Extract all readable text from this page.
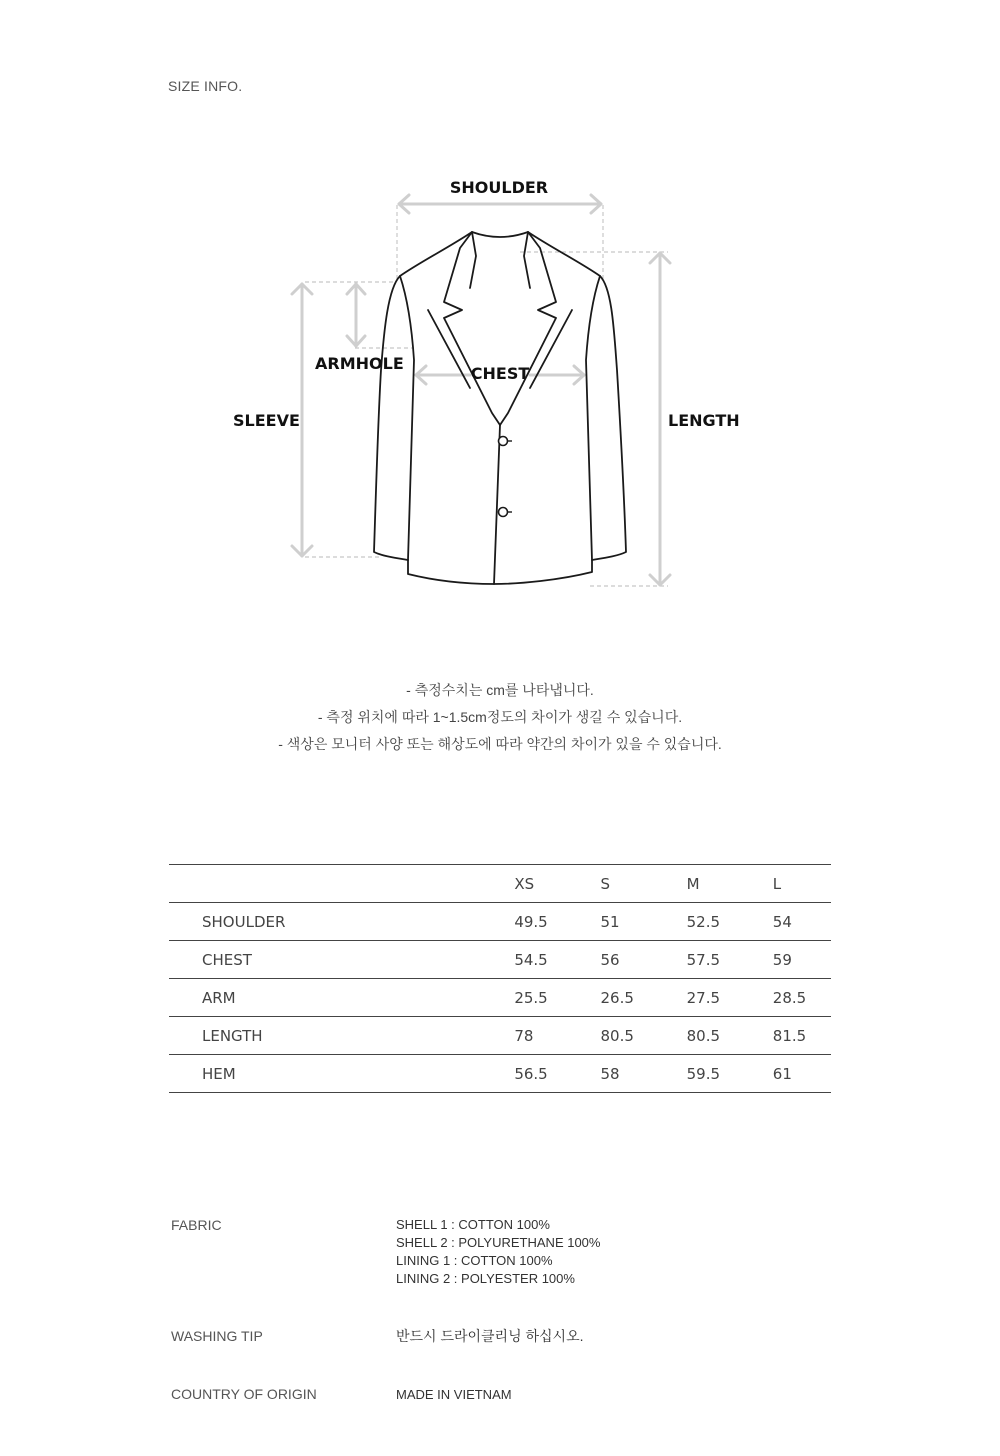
SIZE INFO.
SHOULDER
ARMHOLE
CHEST
SLEEVE	LENGTH
- 측정수치는 cm를 나타냅니다.
- 측정 위치에 따라 1~1.5cm정도의 차이가 생길 수 있습니다.
- 색상은 모니터 사양 또는 해상도에 따라 약간의 차이가 있을 수 있습니다.
	XS	S	M	L
SHOULDER	49.5	51	52.5	54
CHEST	54.5	56	57.5	59
ARM	25.5	26.5	27.5	28.5
LENGTH	78	80.5	80.5	81.5
HEM	56.5	58	59.5	61
FABRIC	SHELL 1 : COTTON 100%
SHELL 2 : POLYURETHANE 100%
LINING 1 : COTTON 100%
LINING 2 : POLYESTER 100%
WASHING TIP	반드시 드라이클리닝 하십시오.
COUNTRY OF ORIGIN	MADE IN VIETNAM
